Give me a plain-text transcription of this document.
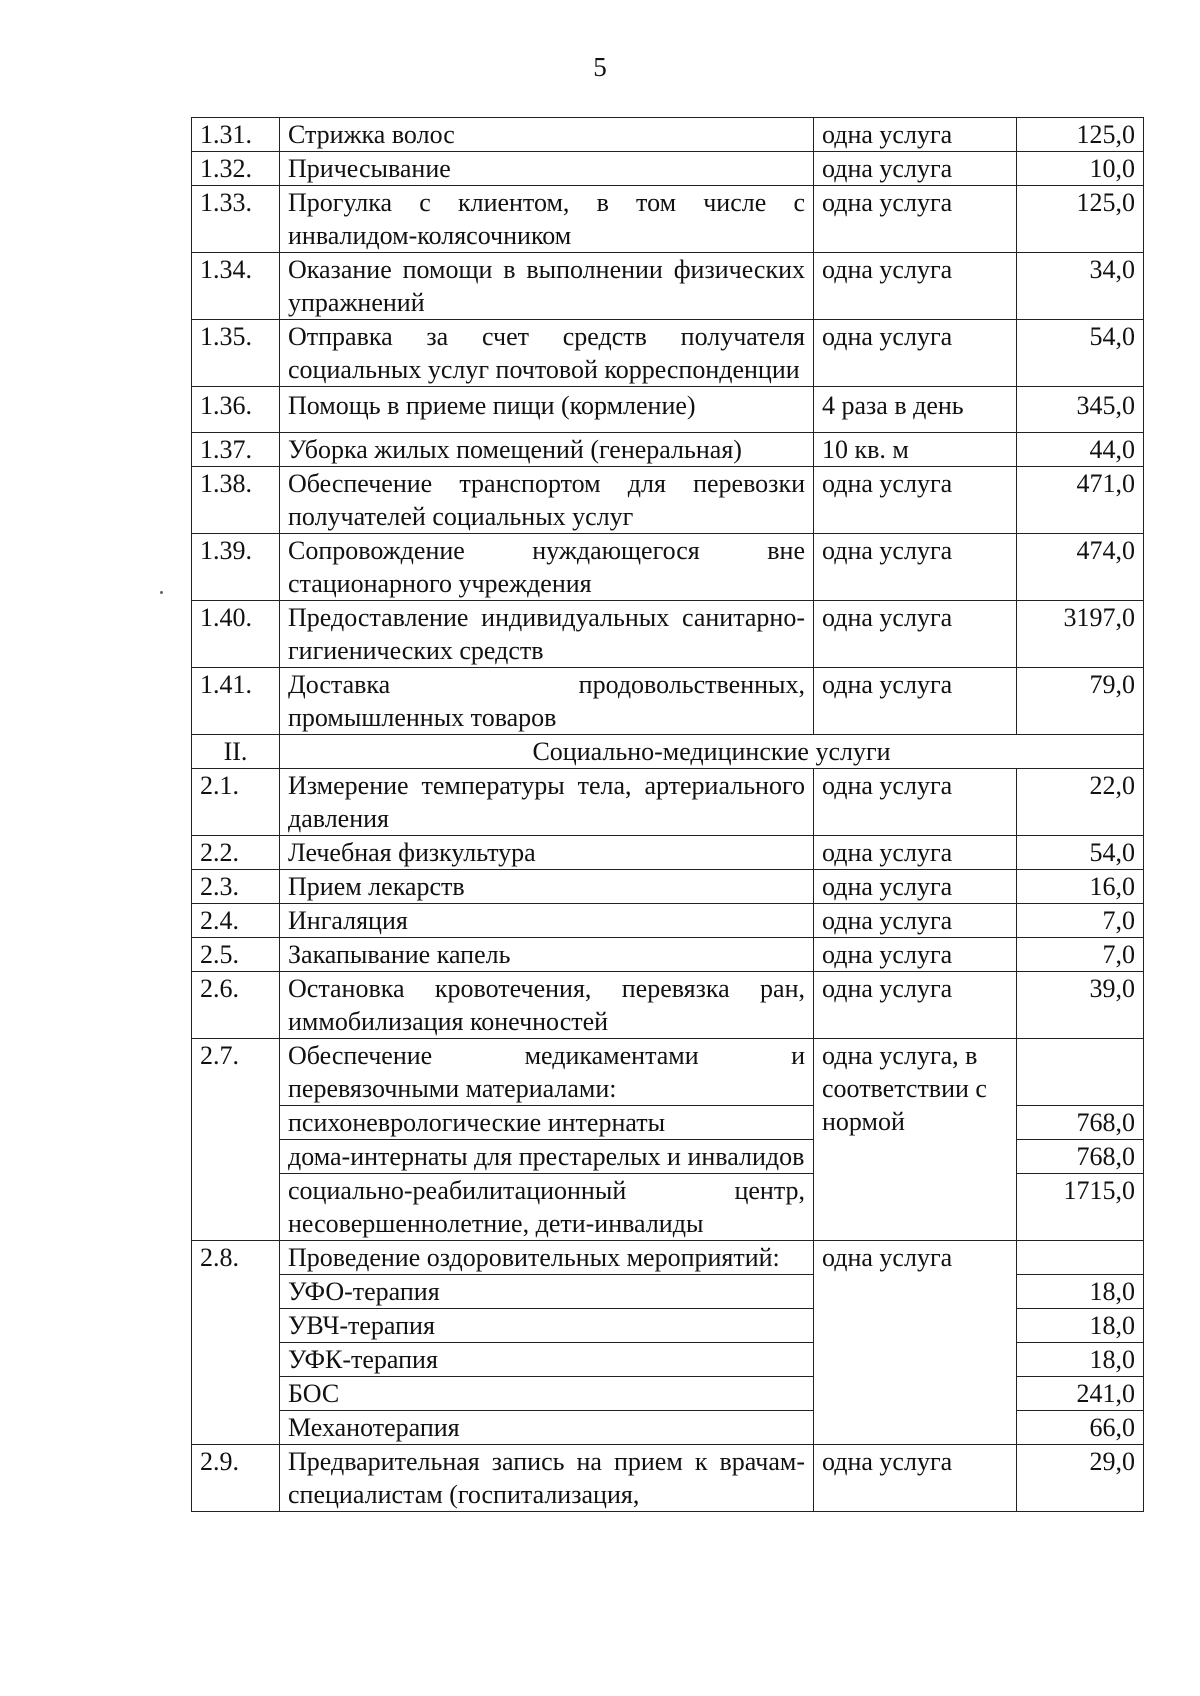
5
1.31.	Стрижка волос	одна услуга	125,0
1.32.	Причесывание	одна услуга	10,0
1.33.	Прогулка с клиентом, в том числе с инвалидом-колясочником	одна услуга	125,0
1.34.	Оказание помощи в выполнении физических упражнений	одна услуга	34,0
1.35.	Отправка за счет средств получателя социальных услуг почтовой корреспонденции	одна услуга	54,0
1.36.	Помощь в приеме пищи (кормление)	4 раза в день	345,0
1.37.	Уборка жилых помещений (генеральная)	10 кв. м	44,0
1.38.	Обеспечение транспортом для перевозки получателей социальных услуг	одна услуга	471,0
1.39.	Сопровождение нуждающегося вне стационарного учреждения	одна услуга	474,0
1.40.	Предоставление индивидуальных санитарно-гигиенических средств	одна услуга	3197,0
1.41.	Доставка продовольственных, промышленных товаров	одна услуга	79,0
II.	Социально-медицинские услуги		
2.1.	Измерение температуры тела, артериального давления	одна услуга	22,0
2.2.	Лечебная физкультура	одна услуга	54,0
2.3.	Прием лекарств	одна услуга	16,0
2.4.	Ингаляция	одна услуга	7,0
2.5.	Закапывание капель	одна услуга	7,0
2.6.	Остановка кровотечения, перевязка ран, иммобилизация конечностей	одна услуга	39,0
2.7.	Обеспечение медикаментами и перевязочными материалами:	одна услуга, в соответствии с нормой	
	психоневрологические интернаты		768,0
	дома-интернаты для престарелых и инвалидов		768,0
	социально-реабилитационный центр, несовершеннолетние, дети-инвалиды		1715,0
2.8.	Проведение оздоровительных мероприятий:	одна услуга	
	УФО-терапия		18,0
	УВЧ-терапия		18,0
	УФК-терапия		18,0
	БОС		241,0
	Механотерапия		66,0
2.9.	Предварительная запись на прием к врачам-специалистам (госпитализация,	одна услуга	29,0
